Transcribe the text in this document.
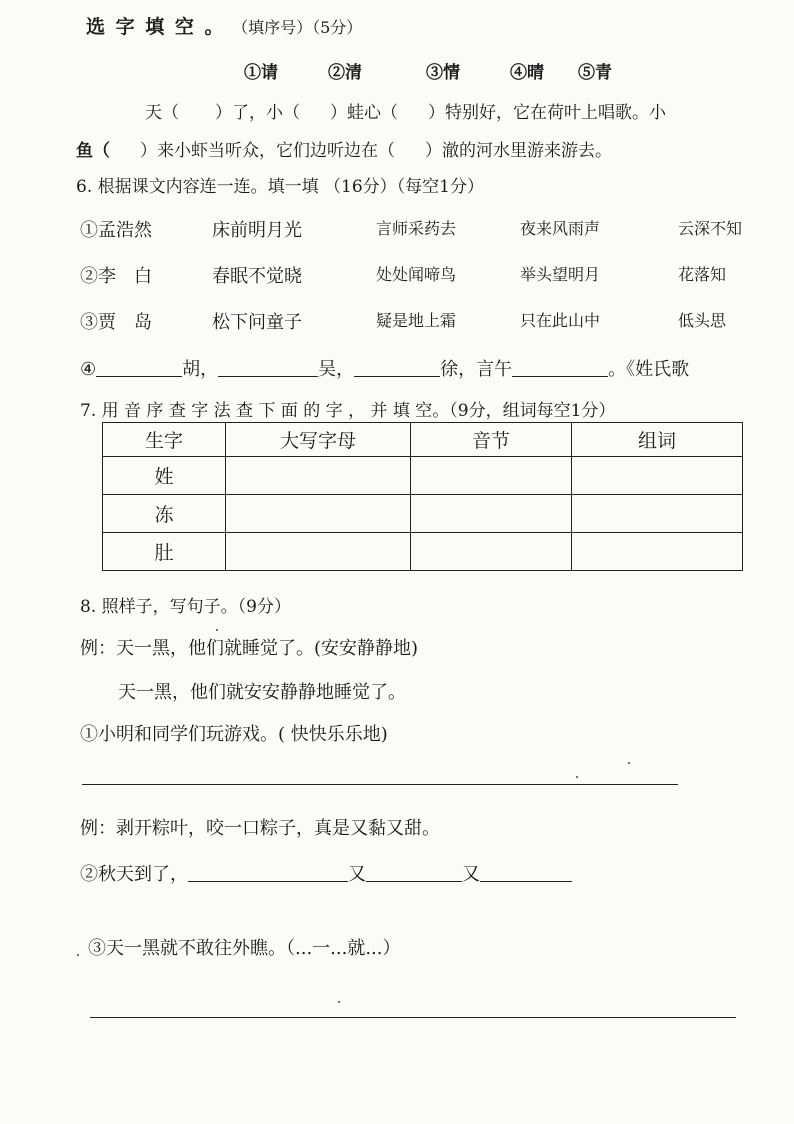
选 字 填 空 。 （填序号）（5分）
①请	②清	③情	④晴 ⑤青
天（ ）了，小（ ）蛙心（ ）特别好，它在荷叶上唱歌。小
鱼（ ）来小虾当听众，它们边听边在（ ）澈的河水里游来游去。
6. 根据课文内容连一连。填一填 （16分）（每空1分）
①孟浩然	床前明月光	言师采药去	夜来风雨声	云深不知
②李　白	春眠不觉晓	处处闻啼鸟	举头望明月	花落知
③贾　岛	松下问童子	疑是地上霜	只在此山中	低头思
④	胡，	吴，	徐，言午	。《姓氏歌
7. 用 音 序 查 字 法 查 下 面 的 字 ， 并 填 空。（9分，组词每空1分）
生字	大写字母	音节	组词
姓			
冻			
肚			
8. 照样子，写句子。（9分）
例：天一黑，他们就睡觉了。(安安静静地)
天一黑，他们就安安静静地睡觉了。
①小明和同学们玩游戏。( 快快乐乐地)
例：剥开粽叶，咬一口粽子，真是又黏又甜。
②秋天到了，	又	又
③天一黑就不敢往外瞧。（...一...就...）
